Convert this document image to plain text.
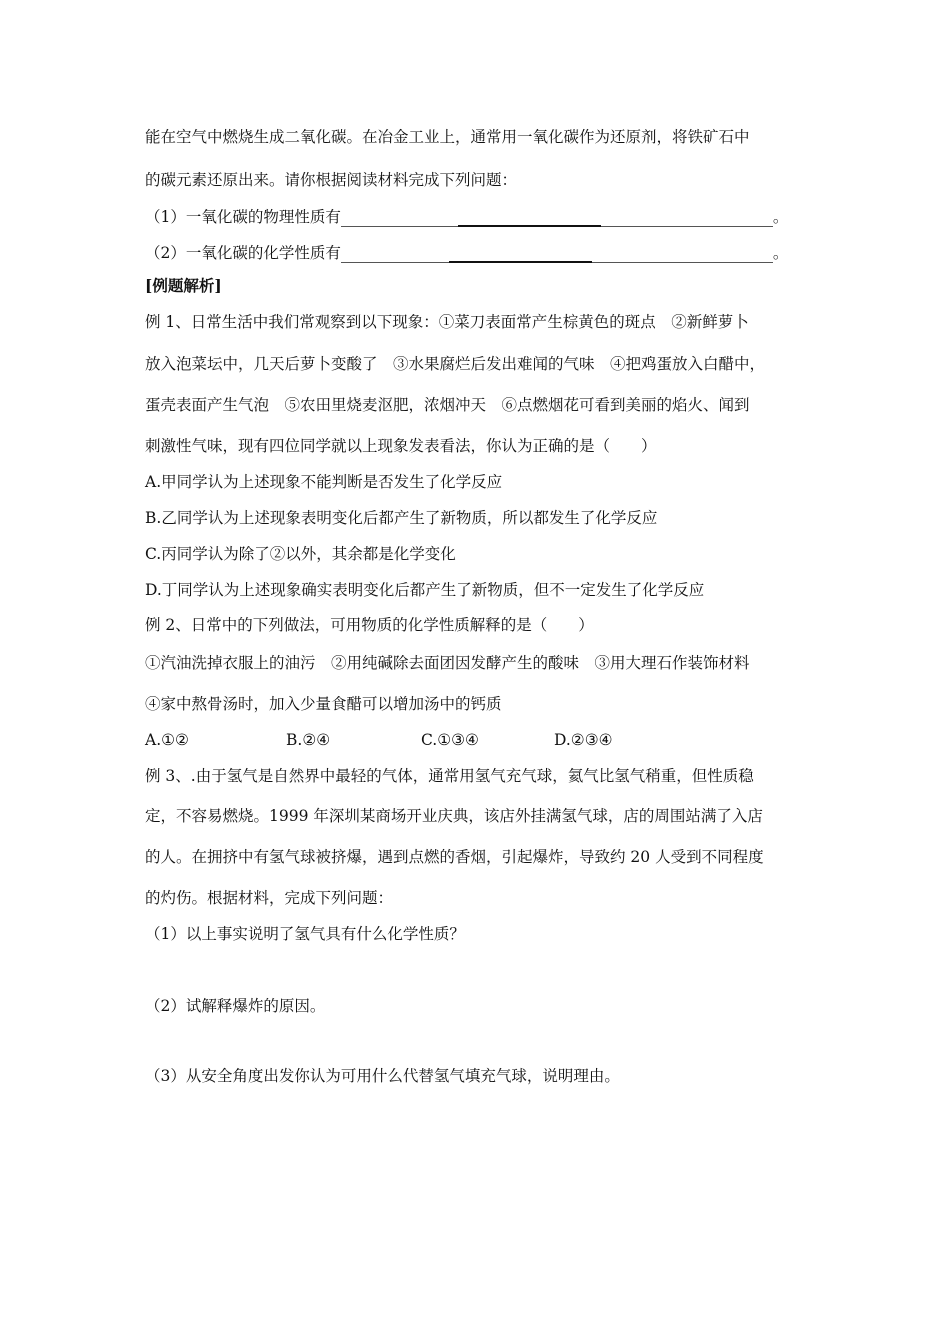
能在空气中燃烧生成二氧化碳。在冶金工业上，通常用一氧化碳作为还原剂，将铁矿石中
的碳元素还原出来。请你根据阅读材料完成下列问题：
（1）一氧化碳的物理性质有	。
（2）一氧化碳的化学性质有	。
[例题解析]
例 1、日常生活中我们常观察到以下现象：①菜刀表面常产生棕黄色的斑点　②新鲜萝卜
放入泡菜坛中，几天后萝卜变酸了　③水果腐烂后发出难闻的气味　④把鸡蛋放入白醋中，
蛋壳表面产生气泡　⑤农田里烧麦沤肥，浓烟冲天　⑥点燃烟花可看到美丽的焰火、闻到
刺激性气味，现有四位同学就以上现象发表看法，你认为正确的是（　　）
A.甲同学认为上述现象不能判断是否发生了化学反应
B.乙同学认为上述现象表明变化后都产生了新物质，所以都发生了化学反应
C.丙同学认为除了②以外，其余都是化学变化
D.丁同学认为上述现象确实表明变化后都产生了新物质，但不一定发生了化学反应
例 2、日常中的下列做法，可用物质的化学性质解释的是（　　）
①汽油洗掉衣服上的油污　②用纯碱除去面团因发酵产生的酸味　③用大理石作装饰材料
④家中熬骨汤时，加入少量食醋可以增加汤中的钙质
A.①②	B.②④	C.①③④	D.②③④
例 3、.由于氢气是自然界中最轻的气体，通常用氢气充气球，氦气比氢气稍重，但性质稳
定，不容易燃烧。1999 年深圳某商场开业庆典，该店外挂满氢气球，店的周围站满了入店
的人。在拥挤中有氢气球被挤爆，遇到点燃的香烟，引起爆炸，导致约 20 人受到不同程度
的灼伤。根据材料，完成下列问题：
（1）以上事实说明了氢气具有什么化学性质？
（2）试解释爆炸的原因。
（3）从安全角度出发你认为可用什么代替氢气填充气球，说明理由。
